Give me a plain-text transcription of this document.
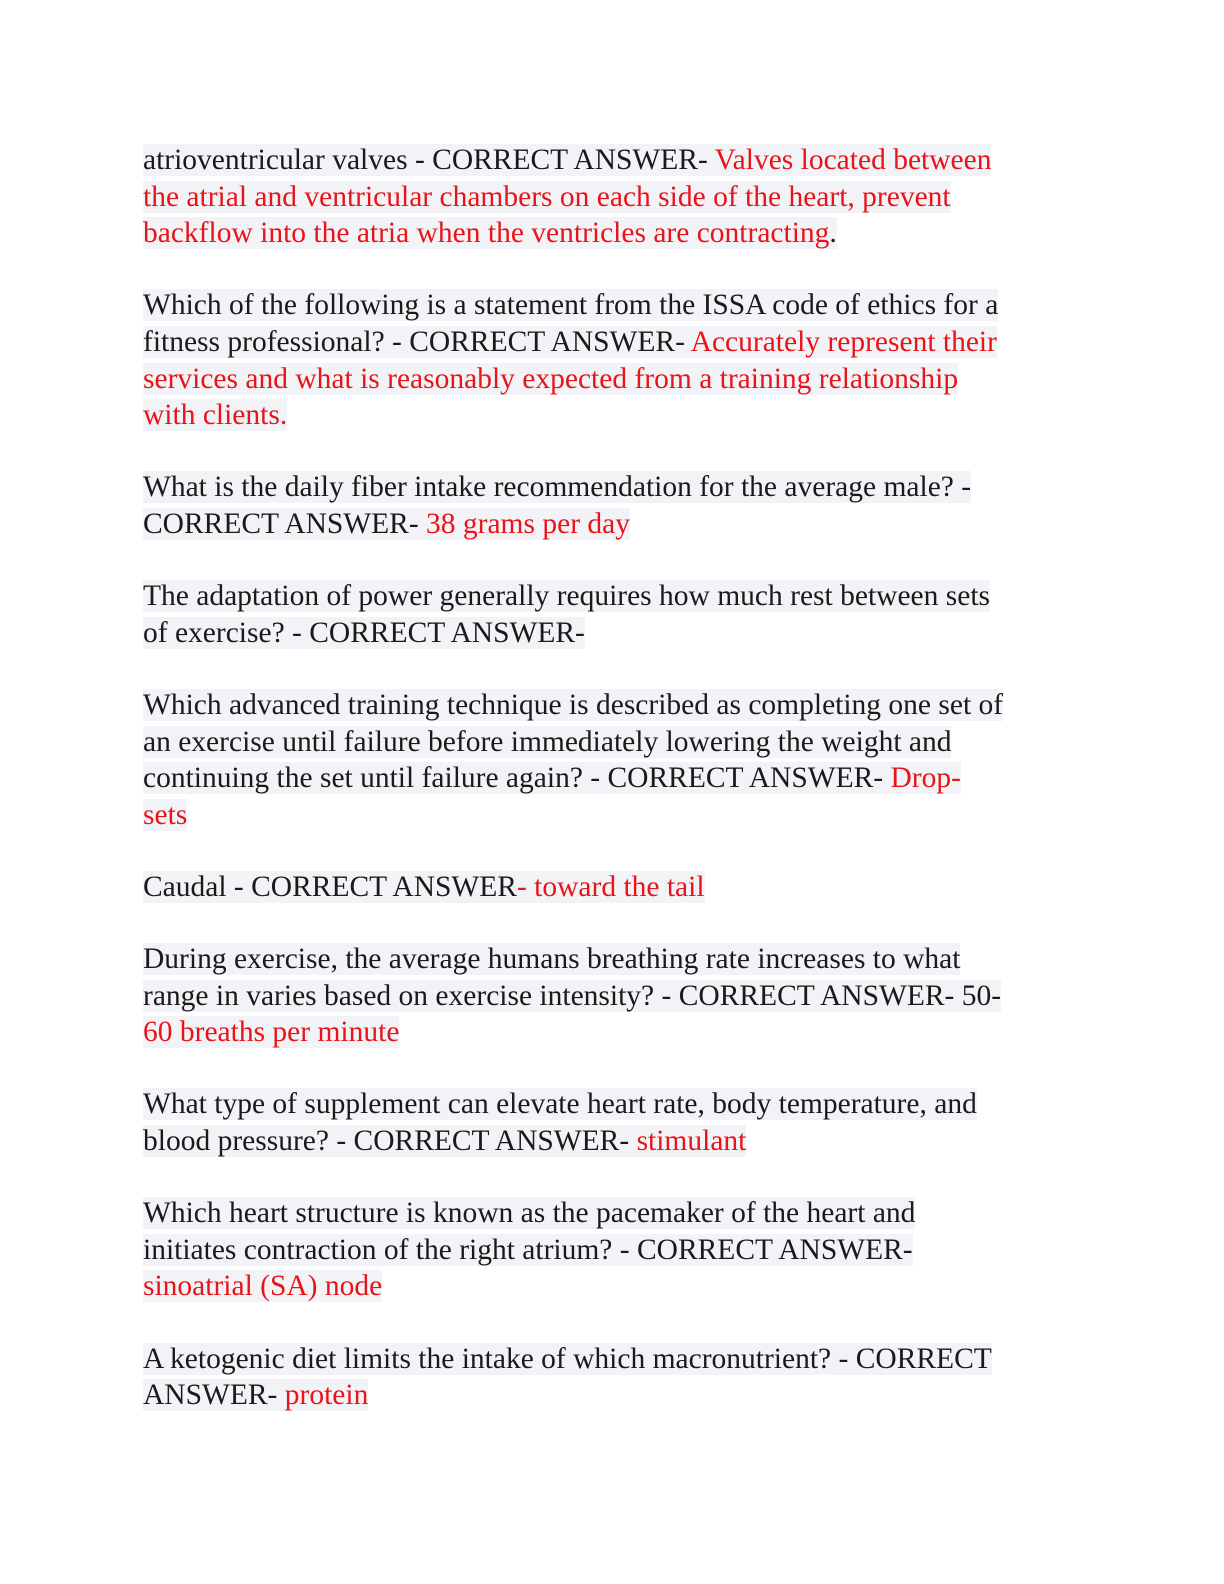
atrioventricular valves - CORRECT ANSWER- Valves located between
the atrial and ventricular chambers on each side of the heart, prevent
backflow into the atria when the ventricles are contracting.
Which of the following is a statement from the ISSA code of ethics for a
fitness professional? - CORRECT ANSWER- Accurately represent their
services and what is reasonably expected from a training relationship
with clients.
What is the daily fiber intake recommendation for the average male? -
CORRECT ANSWER- 38 grams per day
The adaptation of power generally requires how much rest between sets
of exercise? - CORRECT ANSWER-
Which advanced training technique is described as completing one set of
an exercise until failure before immediately lowering the weight and
continuing the set until failure again? - CORRECT ANSWER- Drop-
sets
Caudal - CORRECT ANSWER- toward the tail
During exercise, the average humans breathing rate increases to what
range in varies based on exercise intensity? - CORRECT ANSWER- 50-
60 breaths per minute
What type of supplement can elevate heart rate, body temperature, and
blood pressure? - CORRECT ANSWER- stimulant
Which heart structure is known as the pacemaker of the heart and
initiates contraction of the right atrium? - CORRECT ANSWER-
sinoatrial (SA) node
A ketogenic diet limits the intake of which macronutrient? - CORRECT
ANSWER- protein
